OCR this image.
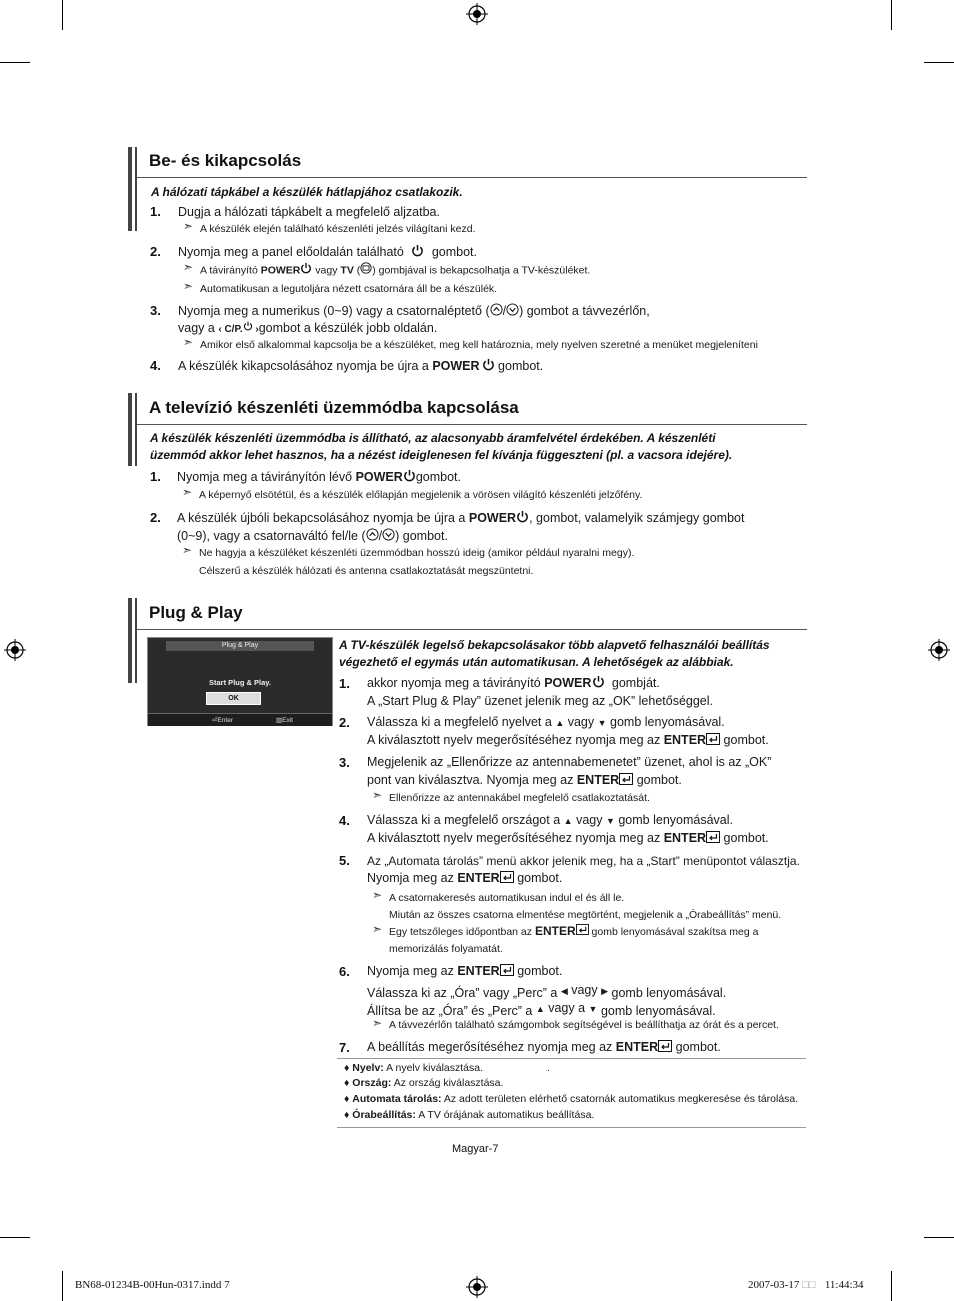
Be- és kikapcsolás
A hálózati tápkábel a készülék hátlapjához csatlakozik.
1. Dugja a hálózati tápkábelt a megfelelő aljzatba.
➣ A készülék elején található készenléti jelzés világítani kezd.
2. Nyomja meg a panel előoldalán található gombot.
➣ A távirányító POWER vagy TV ( ) gombjával is bekapcsolhatja a TV-készüléket.
➣ Automatikusan a legutoljára nézett csatornára áll be a készülék.
3. Nyomja meg a numerikus (0~9) vagy a csatornaléptető ( / ) gombot a távvezérlőn,
vagy a ‹ C/P. ›gombot a készülék jobb oldalán.
➣ Amikor első alkalommal kapcsolja be a készüléket, meg kell határoznia, mely nyelven szeretné a menüket megjeleníteni
4. A készülék kikapcsolásához nyomja be újra a POWER gombot.
A televízió készenléti üzemmódba kapcsolása
A készülék készenléti üzemmódba is állítható, az alacsonyabb áramfelvétel érdekében. A készenléti
üzemmód akkor lehet hasznos, ha a nézést ideiglenesen fel kívánja függeszteni (pl. a vacsora idejére).
1. Nyomja meg a távirányítón lévő POWER gombot.
➣ A képernyő elsötétül, és a készülék előlapján megjelenik a vörösen világító készenléti jelzőfény.
2. A készülék újbóli bekapcsolásához nyomja be újra a POWER , gombot, valamelyik számjegy gombot
(0~9), vagy a csatornaváltó fel/le ( / ) gombot.
➣ Ne hagyja a készüléket készenléti üzemmódban hosszú ideig (amikor például nyaralni megy).
Célszerű a készülék hálózati és antenna csatlakoztatását megszüntetni.
Plug & Play
Plug & Play
Start Plug & Play.
OK
⏎Enter	▥Exit
A TV-készülék legelső bekapcsolásakor több alapvető felhasználói beállítás
végezhető el egymás után automatikusan. A lehetőségek az alábbiak.
1. akkor nyomja meg a távirányító POWER gombját.
A „Start Plug & Play” üzenet jelenik meg az „OK” lehetőséggel.
2. Válassza ki a megfelelő nyelvet a ▲ vagy ▼ gomb lenyomásával.
A kiválasztott nyelv megerősítéséhez nyomja meg az ENTER gombot.
3. Megjelenik az „Ellenőrizze az antennabemenetet” üzenet, ahol is az „OK”
pont van kiválasztva. Nyomja meg az ENTER gombot.
➣ Ellenőrizze az antennakábel megfelelő csatlakoztatását.
4. Válassza ki a megfelelő országot a ▲ vagy ▼ gomb lenyomásával.
A kiválasztott nyelv megerősítéséhez nyomja meg az ENTER gombot.
5. Az „Automata tárolás” menü akkor jelenik meg, ha a „Start” menüpontot választja.
Nyomja meg az ENTER gombot.
➣ A csatornakeresés automatikusan indul el és áll le.
Miután az összes csatorna elmentése megtörtént, megjelenik a „Órabeállítás” menü.
➣ Egy tetszőleges időpontban az ENTER gomb lenyomásával szakítsa meg a
memorizálás folyamatát.
6. Nyomja meg az ENTER gombot.
Válassza ki az „Óra” vagy „Perc” a ◀ vagy ▶ gomb lenyomásával.
Állítsa be az „Óra” és „Perc” a ▲ vagy a ▼ gomb lenyomásával.
➣ A távvezérlőn található számgombok segítségével is beállíthatja az órát és a percet.
7. A beállítás megerősítéséhez nyomja meg az ENTER gombot.
♦ Nyelv: A nyelv kiválasztása.	.
♦ Ország: Az ország kiválasztása.
♦ Automata tárolás: Az adott területen elérhető csatornák automatikus megkeresése és tárolása.
♦ Órabeállítás: A TV órájának automatikus beállítása.
Magyar-7
BN68-01234B-00Hun-0317.indd 7	2007-03-17 □□ 11:44:34
